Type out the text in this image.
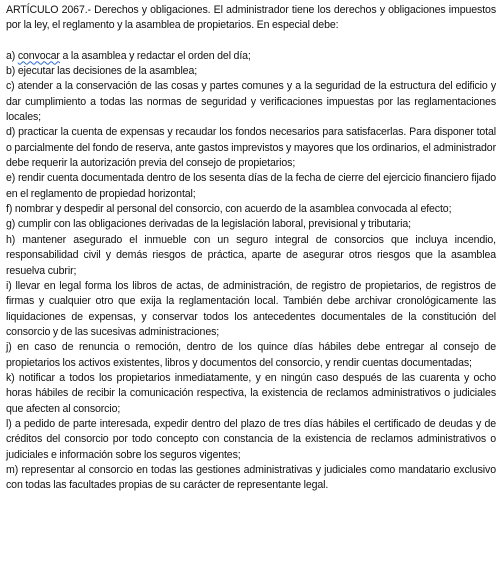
ARTÍCULO 2067.- Derechos y obligaciones. El administrador tiene los derechos y obligaciones impuestos por la ley, el reglamento y la asamblea de propietarios. En especial debe:

a) convocar a la asamblea y redactar el orden del día;

b) ejecutar las decisiones de la asamblea;

c) atender a la conservación de las cosas y partes comunes y a la seguridad de la estructura del edificio y dar cumplimiento a todas las normas de seguridad y verificaciones impuestas por las reglamentaciones locales;

d) practicar la cuenta de expensas y recaudar los fondos necesarios para satisfacerlas. Para disponer total o parcialmente del fondo de reserva, ante gastos imprevistos y mayores que los ordinarios, el administrador debe requerir la autorización previa del consejo de propietarios;

e) rendir cuenta documentada dentro de los sesenta días de la fecha de cierre del ejercicio financiero fijado en el reglamento de propiedad horizontal;

f) nombrar y despedir al personal del consorcio, con acuerdo de la asamblea convocada al efecto;

g) cumplir con las obligaciones derivadas de la legislación laboral, previsional y tributaria;

h) mantener asegurado el inmueble con un seguro integral de consorcios que incluya incendio, responsabilidad civil y demás riesgos de práctica, aparte de asegurar otros riesgos que la asamblea resuelva cubrir;

i) llevar en legal forma los libros de actas, de administración, de registro de propietarios, de registros de firmas y cualquier otro que exija la reglamentación local. También debe archivar cronológicamente las liquidaciones de expensas, y conservar todos los antecedentes documentales de la constitución del consorcio y de las sucesivas administraciones;

j) en caso de renuncia o remoción, dentro de los quince días hábiles debe entregar al consejo de propietarios los activos existentes, libros y documentos del consorcio, y rendir cuentas documentadas;

k) notificar a todos los propietarios inmediatamente, y en ningún caso después de las cuarenta y ocho horas hábiles de recibir la comunicación respectiva, la existencia de reclamos administrativos o judiciales que afecten al consorcio;

l) a pedido de parte interesada, expedir dentro del plazo de tres días hábiles el certificado de deudas y de créditos del consorcio por todo concepto con constancia de la existencia de reclamos administrativos o judiciales e información sobre los seguros vigentes;

m) representar al consorcio en todas las gestiones administrativas y judiciales como mandatario exclusivo con todas las facultades propias de su carácter de representante legal.
